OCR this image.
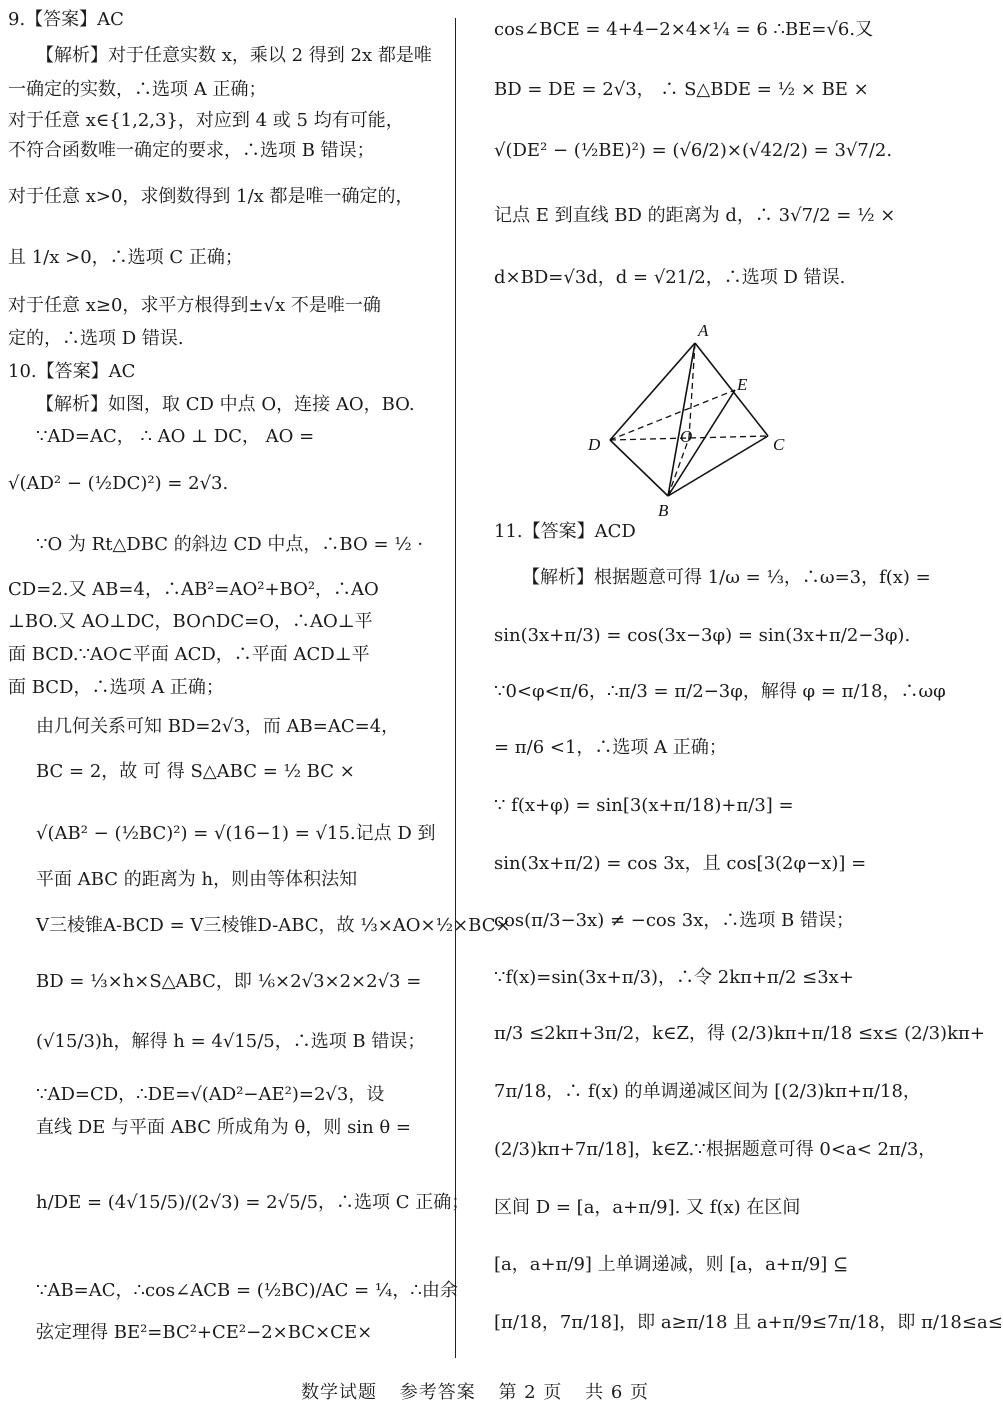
9.【答案】AC
【解析】对于任意实数 x，乘以 2 得到 2x 都是唯
一确定的实数，∴选项 A 正确；
对于任意 x∈{1,2,3}，对应到 4 或 5 均有可能，
不符合函数唯一确定的要求，∴选项 B 错误；
对于任意 x>0，求倒数得到 1/x 都是唯一确定的，
且 1/x >0，∴选项 C 正确；
对于任意 x≥0，求平方根得到±√x 不是唯一确
定的，∴选项 D 错误.
10.【答案】AC
【解析】如图，取 CD 中点 O，连接 AO，BO.
∵AD=AC， ∴ AO ⊥ DC， AO =
√(AD² − (½DC)²) = 2√3.
∵O 为 Rt△DBC 的斜边 CD 中点，∴BO = ½ ·
CD=2.又 AB=4，∴AB²=AO²+BO²，∴AO
⊥BO.又 AO⊥DC，BO∩DC=O，∴AO⊥平
面 BCD.∵AO⊂平面 ACD，∴平面 ACD⊥平
面 BCD，∴选项 A 正确；
由几何关系可知 BD=2√3，而 AB=AC=4，
BC = 2，故 可 得 S△ABC = ½ BC ×
√(AB² − (½BC)²) = √(16−1) = √15.记点 D 到
平面 ABC 的距离为 h，则由等体积法知
V三棱锥A-BCD = V三棱锥D-ABC，故 ⅓×AO×½×BC×
BD = ⅓×h×S△ABC，即 ⅙×2√3×2×2√3 =
(√15/3)h，解得 h = 4√15/5，∴选项 B 错误；
∵AD=CD，∴DE=√(AD²−AE²)=2√3，设
直线 DE 与平面 ABC 所成角为 θ，则 sin θ =
h/DE = (4√15/5)/(2√3) = 2√5/5，∴选项 C 正确；
∵AB=AC，∴cos∠ACB = (½BC)/AC = ¼，∴由余
弦定理得 BE²=BC²+CE²−2×BC×CE×
cos∠BCE = 4+4−2×4×¼ = 6 ∴BE=√6.又
BD = DE = 2√3， ∴ S△BDE = ½ × BE ×
√(DE² − (½BE)²) = (√6/2)×(√42/2) = 3√7/2.
记点 E 到直线 BD 的距离为 d，∴ 3√7/2 = ½ ×
d×BD=√3d，d = √21/2，∴选项 D 错误.
11.【答案】ACD
【解析】根据题意可得 1/ω = ⅓，∴ω=3，f(x) =
sin(3x+π/3) = cos(3x−3φ) = sin(3x+π/2−3φ).
∵0<φ<π/6，∴π/3 = π/2−3φ，解得 φ = π/18，∴ωφ
= π/6 <1，∴选项 A 正确；
∵ f(x+φ) = sin[3(x+π/18)+π/3] =
sin(3x+π/2) = cos 3x，且 cos[3(2φ−x)] =
cos(π/3−3x) ≠ −cos 3x，∴选项 B 错误；
∵f(x)=sin(3x+π/3)，∴令 2kπ+π/2 ≤3x+
π/3 ≤2kπ+3π/2，k∈Z，得 (2/3)kπ+π/18 ≤x≤ (2/3)kπ+
7π/18，∴ f(x) 的单调递减区间为 [(2/3)kπ+π/18，
(2/3)kπ+7π/18]，k∈Z.∵根据题意可得 0<a< 2π/3，
区间 D = [a，a+π/9]. 又 f(x) 在区间
[a，a+π/9] 上单调递减，则 [a，a+π/9] ⊆
[π/18，7π/18]，即 a≥π/18 且 a+π/9≤7π/18，即 π/18≤a≤
A
E
O
D	C
B
数学试题 参考答案 第 2 页 共 6 页
